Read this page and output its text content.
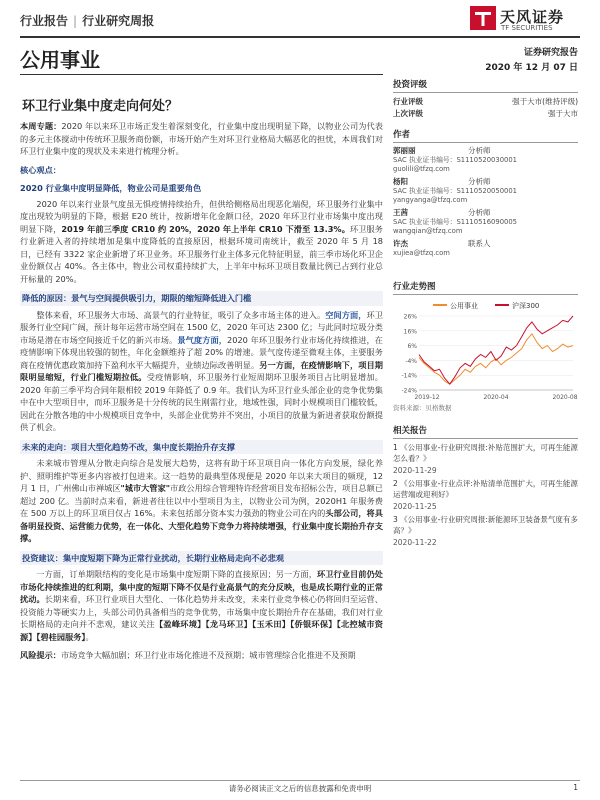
行业报告 | 行业研究周报	天风证券
TF SECURITIES
公用事业	证券研究报告
2020 年 12 月 07 日
环卫行业集中度走向何处？

本周专题：2020 年以来环卫市场正发生着深刻变化，行业集中度出现明显下降，以物业公司为代表的多元主体搅动中传统环卫服务商份额，市场开始产生对环卫行业格局大幅恶化的担忧，本周我们对环卫行业集中度的现状及未来进行梳理分析。

核心观点：
2020 行业集中度明显降低，物业公司是重要角色

2020 年以来行业景气度虽无惧疫情持续抬升，但供给侧格局出现恶化端倪，环卫服务行业集中度出现较为明显的下降，根据 E20 统计，按新增年化金额口径，2020 年环卫行业市场集中度出现明显下降，2019 年前三季度 CR10 约 20%，2020 年上半年 CR10 下滑至 13.3%。环卫服务行业新进入者的持续增加是集中度降低的直接原因，根据环境司南统计，截至 2020 年 5 月 18 日，已经有 3322 家企业新增了环卫业务。环卫服务行业主体多元化特征明显，前三季市场化环卫企业份额仅占 40%。各主体中，物业公司权重持续扩大，上半年中标环卫项目数量比例已占到行业总开标量的 20%。

降低的原因：景气与空间提供吸引力，期限的缩短降低进入门槛

整体来看，环卫服务大市场、高景气的行业特征，吸引了众多市场主体的进入。空间方面，环卫服务行业空间广阔，预计每年运营市场空间在 1500 亿，2020 年可达 2300 亿；与此同时垃圾分类市场是潜在市场空间接近千亿的新兴市场。景气度方面，2020 年环卫服务行业市场化持续推进，在疫情影响下体现出较强的韧性，年化金额维持了超 20% 的增速。景气度传递至微观主体，主要服务商在疫情优惠政策加持下盈利水平大幅提升，业绩边际改善明显。另一方面，在疫情影响下，项目期限明显缩短，行业门槛短期拉低。受疫情影响，环卫服务行业短周期环卫服务项目占比明显增加。2020 年前三季平均合同年限相较 2019 年降低了 0.9 年。我们认为环卫行业头部企业的竞争优势集中在中大型项目中，而环卫服务是十分传统的民生刚需行业，地域性强，同时小规模项目门槛较低，因此在分散各地的中小规模项目竞争中，头部企业优势并不突出，小项目的放量为新进者获取份额提供了机会。

未来的走向：项目大型化趋势不改，集中度长期抬升存支撑

未来城市管理从分散走向综合是发展大趋势，这将有助于环卫项目向一体化方向发展，绿化养护、照明维护等更多内容被打包进来。这一趋势的最典型体现便是 2020 年以来大项目的频现，12 月 1 日，广州佛山市禅城区"城市大管家"市政公用综合管理特许经营项目发布招标公告，项目总额已超过 200 亿。当前时点来看，新进者往往以中小型项目为主，以物业公司为例，2020H1 年服务费在 500 万以上的环卫项目仅占 16%。未来包括部分资本实力强劲的物业公司在内的头部公司，将具备明显投资、运营能力优势，在一体化、大型化趋势下竞争力将持续增强，行业集中度长期抬升存支撑。

投资建议：集中度短期下降为正常行业扰动，长期行业格局走向不必悲观

一方面，订单期限结构的变化是市场集中度短期下降的直接原因；另一方面，环卫行业目前仍处市场化持续推进的红利期，集中度的短期下降不仅是行业高景气的充分反映，也是成长期行业的正常扰动。长期来看，环卫行业项目大型化、一体化趋势并未改变，未来行业竞争核心仍将回归至运营、投资能力等硬实力上，头部公司仍具备相当的竞争优势，市场集中度长期抬升存在基础，我们对行业长期格局的走向并不悲观，建议关注【盈峰环境】【龙马环卫】【玉禾田】【侨银环保】【北控城市资源】【碧桂园服务】。

风险提示：市场竞争大幅加剧；环卫行业市场化推进不及预期；城市管理综合化推进不及预期

投资评级
行业评级	强于大市(维持评级)
上次评级	强于大市
作者
郭丽丽	分析师
SAC 执业证书编号：S1110520030001
guolili@tfzq.com
杨阳	分析师
SAC 执业证书编号：S1110520050001
yangyanga@tfzq.com
王茜	分析师
SAC 执业证书编号：S1110516090005
wangqian@tfzq.com
许杰	联系人
xujiea@tfzq.com
行业走势图
公用事业	沪深300
26%
16%
6%
-4%
-14%
-24%
2019-12	2020-04	2020-08
资料来源：贝格数据
相关报告
1 《公用事业-行业研究周报:补贴范围扩大，可再生能源怎么看？》
2020-11-29
2 《公用事业-行业点评:补贴清单范围扩大，可再生能源运营端或迎利好》
2020-11-25
3 《公用事业-行业研究周报:新能源环卫装备景气度有多高？》
2020-11-22
请务必阅读正文之后的信息披露和免责申明	1
